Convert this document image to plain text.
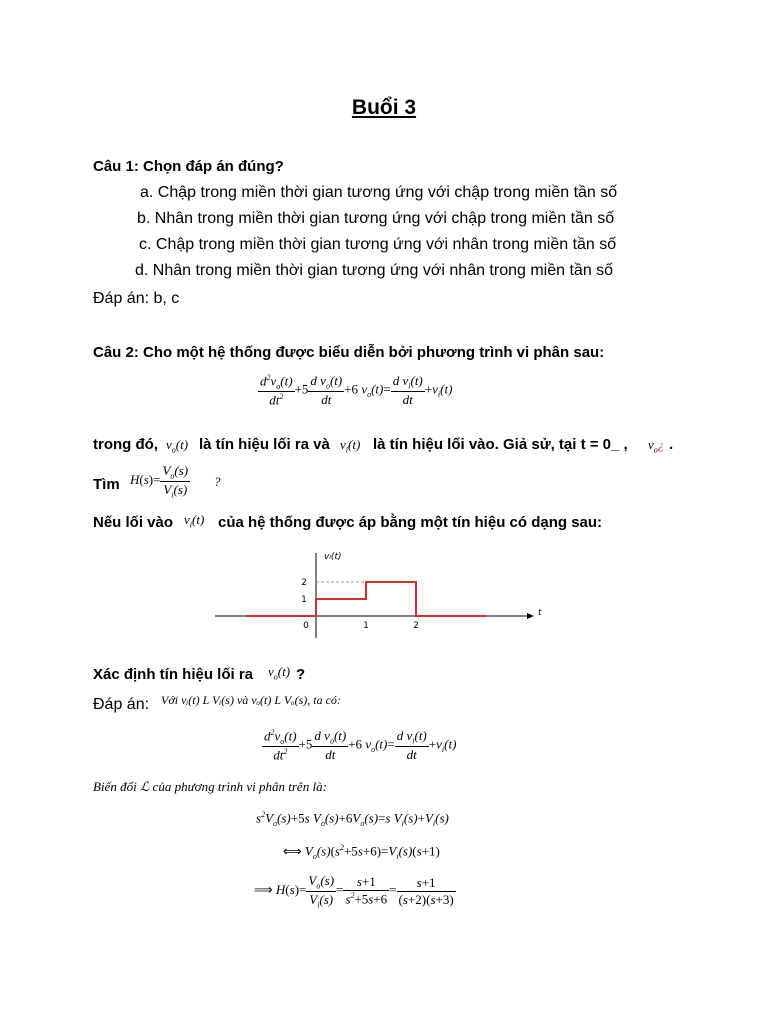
Buổi 3
Câu 1: Chọn đáp án đúng?
a. Chập trong miền thời gian tương ứng với chập trong miền tần số
b. Nhân trong miền thời gian tương ứng với chập trong miền tần số
c. Chập trong miền thời gian tương ứng với nhân trong miền tần số
d. Nhân trong miền thời gian tương ứng với nhân trong miền tần số
Đáp án: b, c
Câu 2: Cho một hệ thống được biểu diễn bởi phương trình vi phân sau:
$\frac{d^2v_o(t)}{dt^2} +5 \frac{d v_o(t)}{dt} +6$ $v_o(t)= \frac{d v_i(t)}{dt} +v_i(t)$
trong đó, $v_o(t)$ là tín hiệu lối ra và $v_i(t)$ là tín hiệu lối vào. Giả sử, tại t = 0_ , $v_o¿$ .
Tìm $H(s)= \frac{V_o(s)}{V_i(s)}$ ?
Nếu lối vào $v_i(t)$ của hệ thống được áp bằng một tín hiệu có dạng sau:
0	1	2
1
2
vᵢ(t)
t
Xác định tín hiệu lối ra $v_o(t)$ ?
Đáp án: Với vᵢ(t) L Vᵢ(s) và vₒ(t) L Vₒ(s), ta có:
$\frac{d^2v_o(t)}{dt^2} +5 \frac{d v_o(t)}{dt} +6$ $v_o(t)= \frac{d v_i(t)}{dt} +v_i(t)$
Biến đổi ℒ của phương trình vi phân trên là:
$s^2V_o(s)+5s$ $V_o(s)+6V_o(s)=s$ $V_i(s)+V_i(s)$
⟺ $V_o(s)(s^2+5s+6)=V_i(s)(s+1)$
⟹ $H(s)= \frac{V_o(s)}{V_i(s)} = \frac{s+1}{s^2+5s+6} = \frac{s+1}{(s+2)(s+3)}$
